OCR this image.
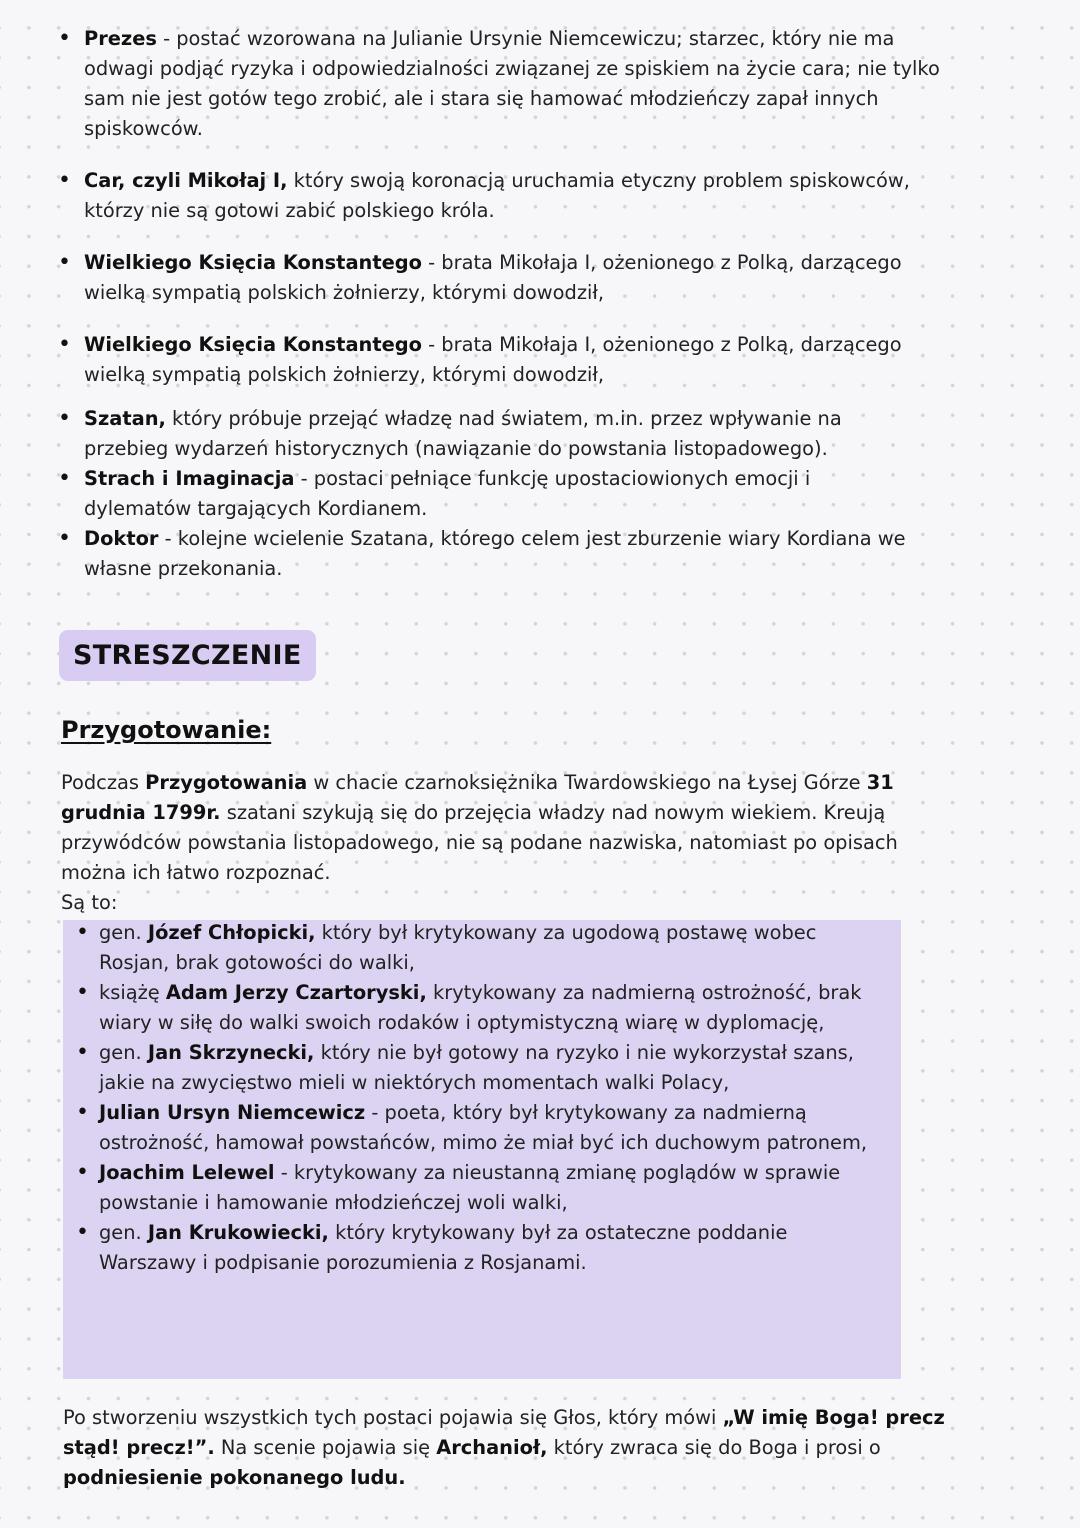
• Prezes - postać wzorowana na Julianie Ursynie Niemcewiczu; starzec, który nie ma odwagi podjąć ryzyka i odpowiedzialności związanej ze spiskiem na życie cara; nie tylko sam nie jest gotów tego zrobić, ale i stara się hamować młodzieńczy zapał innych spiskowców.
• Car, czyli Mikołaj I, który swoją koronacją uruchamia etyczny problem spiskowców, którzy nie są gotowi zabić polskiego króla.
• Wielkiego Księcia Konstantego - brata Mikołaja I, ożenionego z Polką, darzącego wielką sympatią polskich żołnierzy, którymi dowodził,
• Wielkiego Księcia Konstantego - brata Mikołaja I, ożenionego z Polką, darzącego wielką sympatią polskich żołnierzy, którymi dowodził,
• Szatan, który próbuje przejąć władzę nad światem, m.in. przez wpływanie na przebieg wydarzeń historycznych (nawiązanie do powstania listopadowego).
• Strach i Imaginacja - postaci pełniące funkcję upostaciowionych emocji i dylematów targających Kordianem.
• Doktor - kolejne wcielenie Szatana, którego celem jest zburzenie wiary Kordiana we własne przekonania.
STRESZCZENIE
Przygotowanie:

Podczas Przygotowania w chacie czarnoksiężnika Twardowskiego na Łysej Górze 31 grudnia 1799r. szatani szykują się do przejęcia władzy nad nowym wiekiem. Kreują przywódców powstania listopadowego, nie są podane nazwiska, natomiast po opisach można ich łatwo rozpoznać.
Są to:

• gen. Józef Chłopicki, który był krytykowany za ugodową postawę wobec Rosjan, brak gotowości do walki,
• książę Adam Jerzy Czartoryski, krytykowany za nadmierną ostrożność, brak wiary w siłę do walki swoich rodaków i optymistyczną wiarę w dyplomację,
• gen. Jan Skrzynecki, który nie był gotowy na ryzyko i nie wykorzystał szans, jakie na zwycięstwo mieli w niektórych momentach walki Polacy,
• Julian Ursyn Niemcewicz - poeta, który był krytykowany za nadmierną ostrożność, hamował powstańców, mimo że miał być ich duchowym patronem,
• Joachim Lelewel - krytykowany za nieustanną zmianę poglądów w sprawie powstanie i hamowanie młodzieńczej woli walki,
• gen. Jan Krukowiecki, który krytykowany był za ostateczne poddanie Warszawy i podpisanie porozumienia z Rosjanami.

Po stworzeniu wszystkich tych postaci pojawia się Głos, który mówi „W imię Boga! precz stąd! precz!”. Na scenie pojawia się Archanioł, który zwraca się do Boga i prosi o podniesienie pokonanego ludu.
